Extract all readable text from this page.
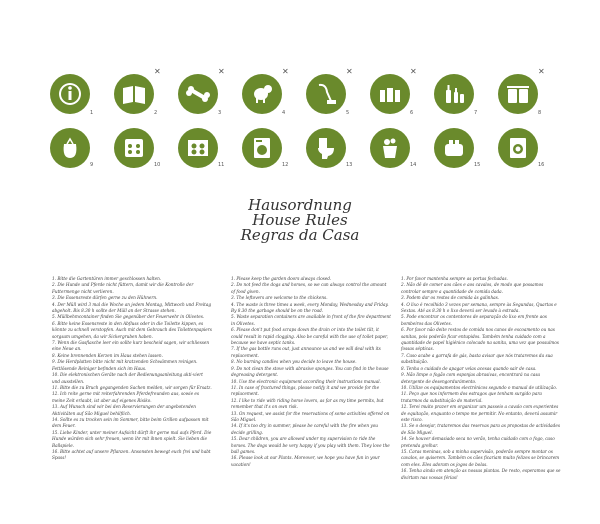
✕	✕	✕	✕	✕	✕
1	2	3	4	5	6	7	8
9	10	11	12	13	14	15	16
Hausordnung
House Rules
Regras da Casa
1. Bitte die Gartentüren immer geschlossen halten.
2. Die Hunde und Pferde nicht füttern, damit wir die Kontrolle der Futtermenge nicht verlieren.
3. Die Essensreste dürfen gerne zu den Hühnern.
4. Der Müll wird 3 mal die Woche an jedem Montag, Mittwoch und Freitag abgeholt. Bis 8.30 h sollte der Müll an der Strasse stehen.
5. Müllbehmcontainer finden Sie gegenüber der Feuerwehr in Olivetes.
6. Bitte keine Essensreste in den Abfluss oder in die Toilette kippen, es könnte zu schnell verstopfen. Auch mit dem Gebrauch des Toilettenpapiers sorgsam umgehen, da wir Sickergruben haben.
7. Wenn die Gasflasche leer ein sollte kurz bescheid sagen, wir schliessen eine Neue an.
8. Keine brennenden Kerzen im Haus stehen lassen.
9. Die Herdplatten bitte nicht mit kratzenden Schwämmen reinigen. Fettlösende Reiniger befinden sich im Haus.
10. Die elektronischen Geräte nach der Bedienungsanleitung akti-viert und ausstellen.
11. Bitte die zu Bruch gegangenden Sachen melden, wir sorgen für Ersatz.
12. Ich reite gerne mit reiterfahrenden Pferdefreunden aus, sowie es meine Zeit erlaubt, ist aber auf eigenes Risiko.
13. Auf Wunsch sind wir bei den Reservierungen der angebotenden Aktivitäten auf São Miguel behilflich.
14. Sollte es zu trocken sein im Sommer, bitte beim Grillen aufpassen mit dem Feuer.
15. Liebe Kinder, unter meiner Aufsicht dürft ihr gerne mal aufs Pferd. Die Hunde würden sich sehr freuen, wenn ihr mit ihnen spielt. Sie lieben die Ballspiele.
16. Bitte achtet auf unsere Pflanzen. Ansonsten bewegt euch frei und habt Spass!
1. Please keep the garden doors always closed.
2. Do not feed the dogs and horses, so we can always control the amount of food given.
3. The leftovers are welcome to the chickens.
4. The waste is three times a week, every Monday, Wednesday and Friday. By 8.30 the garbage should be on the road.
5. Waste separation containers are available in front of the fire department in Olivetes.
6. Please don't put food scraps down the drain or into the toilet tilt, it could result in rapid clogging. Also be careful with the use of toilet paper, because we have septic tanks.
7. If the gas bottle runs out, just announce us and we will deal with its replacement.
8. No burning candles when you decide to leave the house.
9. Do not clean the stove with abrasive sponges. You can find in the house degreasing detergent.
10. Use the electronic equipment according their instructions manual.
11. In case of fractured things, please notify it and we provide for the replacement.
12. I like to ride with riding horse lovers, as far as my time permits, but remember that it's on own risk.
13. On request, we assist for the reservations of some activities offered on São Miguel.
14. If it's too dry in summer, please be careful with the fire when you decide grilling.
15. Dear children, you are allowed under my supervision to ride the horses. The dogs would be very happy if you play with them. They love the ball games.
16. Please look at our Plants. Moreover, we hope you have fun in your vacation!
1. Por favor mantenha sempre as portas fechadas.
2. Não dê de comer aos cães e aos cavalos, de modo que possamos controlar sempre a quantidade de comida dada.
3. Podem dar os restos de comida às galinhas.
4. O lixo é recolhido 3 vezes por semana, sempre às Segundas, Quartas e Sextas. Até as 8.30 h o lixo deverá ser levado à estrada.
5. Pode encontrar os contentores de separação do lixo em frente aos bombeiros das Olivetes.
6. Por favor não deite restos de comida nos canos de escoamento ou nas sanitas, pois poderão ficar entupidos. Também tenha cuidado com a quantidade de papel higiénico colocado na sanita, uma vez que possuímos fossas sépticas.
7. Caso acabe a garrafa de gás, basta avisar que nós trataremos da sua substituição.
8. Tenha o cuidado de apagar velas acesas quando sair de casa.
9. Não limpe o fogão com esponjas abrasivas, encontrará na casa detergente de desengordurámento.
10. Utilize os equipamentos electrónicos segundo o manual de utilização.
11. Peço que nos informem dos estragos que tenham surgido para tratarmos da substituição do material.
12. Terei muito prazer em organizar um passeio a cavalo com experientes de equitação, enquanto o tempo me permitir. No entanto, deverá assumir este risco.
13. Se o desejar, trataremos das reservas para as propostas de actividades de São Miguel.
14. Se houver demasiado seca no verão, tenha cuidado com o fogo, caso pretenda grelhar.
15. Caras meninas, sob a minha supervisão, poderão sempre montar os cavalos, se quiserem. Também os cães ficariam muito felizes se brincarem com eles. Eles adoram os jogos de bolas.
16. Tenha ainda em atenção as nossas plantas. De resto, esperamos que se divirtam nas vossas férias!
